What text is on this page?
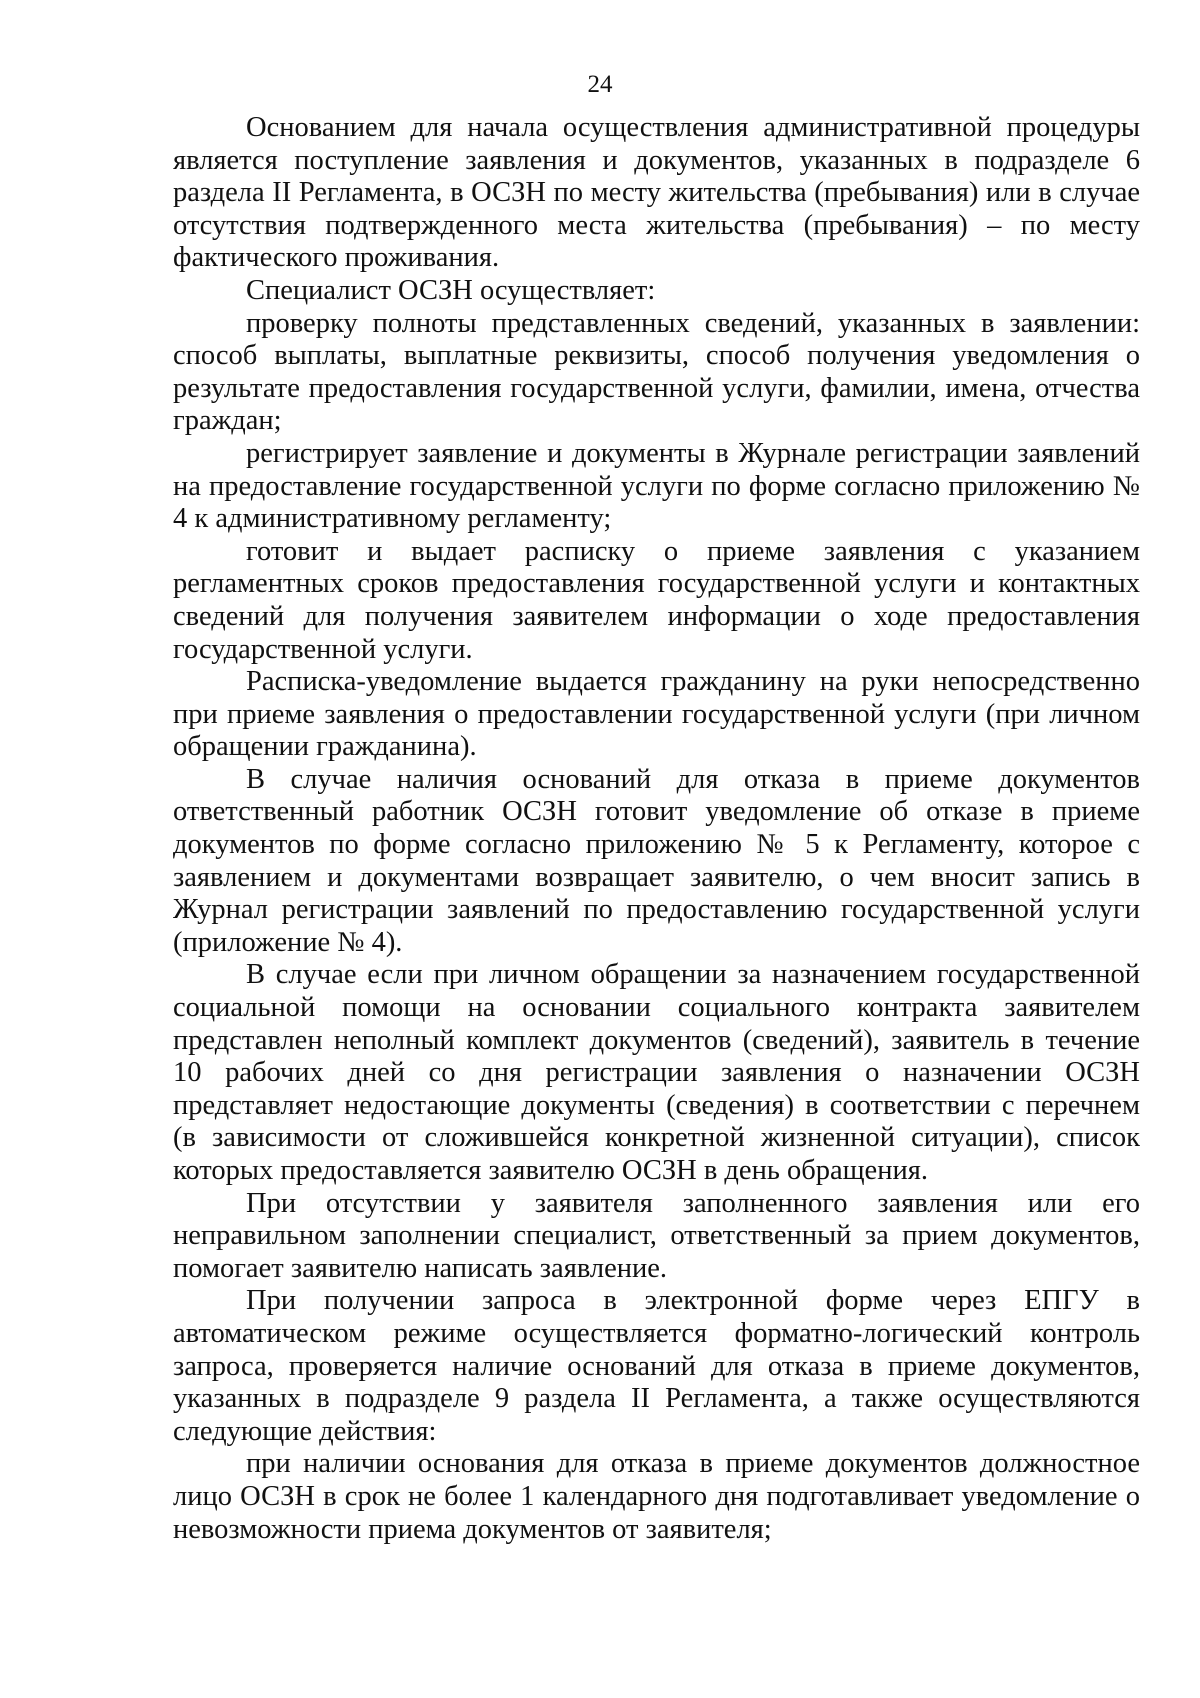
24

Основанием для начала осуществления административной процедуры является поступление заявления и документов, указанных в подразделе 6 раздела II Регламента, в ОСЗН по месту жительства (пребывания) или в случае отсутствия подтвержденного места жительства (пребывания) – по месту фактического проживания.

Специалист ОСЗН осуществляет:

проверку полноты представленных сведений, указанных в заявлении: способ выплаты, выплатные реквизиты, способ получения уведомления о результате предоставления государственной услуги, фамилии, имена, отчества граждан;

регистрирует заявление и документы в Журнале регистрации заявлений на предоставление государственной услуги по форме согласно приложению № 4 к административному регламенту;

готовит и выдает расписку о приеме заявления с указанием регламентных сроков предоставления государственной услуги и контактных сведений для получения заявителем информации о ходе предоставления государственной услуги.

Расписка-уведомление выдается гражданину на руки непосредственно при приеме заявления о предоставлении государственной услуги (при личном обращении гражданина).

В случае наличия оснований для отказа в приеме документов ответственный работник ОСЗН готовит уведомление об отказе в приеме документов по форме согласно приложению № 5 к Регламенту, которое с заявлением и документами возвращает заявителю, о чем вносит запись в Журнал регистрации заявлений по предоставлению государственной услуги (приложение № 4).

В случае если при личном обращении за назначением государственной социальной помощи на основании социального контракта заявителем представлен неполный комплект документов (сведений), заявитель в течение 10 рабочих дней со дня регистрации заявления о назначении ОСЗН представляет недостающие документы (сведения) в соответствии с перечнем (в зависимости от сложившейся конкретной жизненной ситуации), список которых предоставляется заявителю ОСЗН в день обращения.

При отсутствии у заявителя заполненного заявления или его неправильном заполнении специалист, ответственный за прием документов, помогает заявителю написать заявление.

При получении запроса в электронной форме через ЕПГУ в автоматическом режиме осуществляется форматно-логический контроль запроса, проверяется наличие оснований для отказа в приеме документов, указанных в подразделе 9 раздела II Регламента, а также осуществляются следующие действия:

при наличии основания для отказа в приеме документов должностное лицо ОСЗН в срок не более 1 календарного дня подготавливает уведомление о невозможности приема документов от заявителя;
